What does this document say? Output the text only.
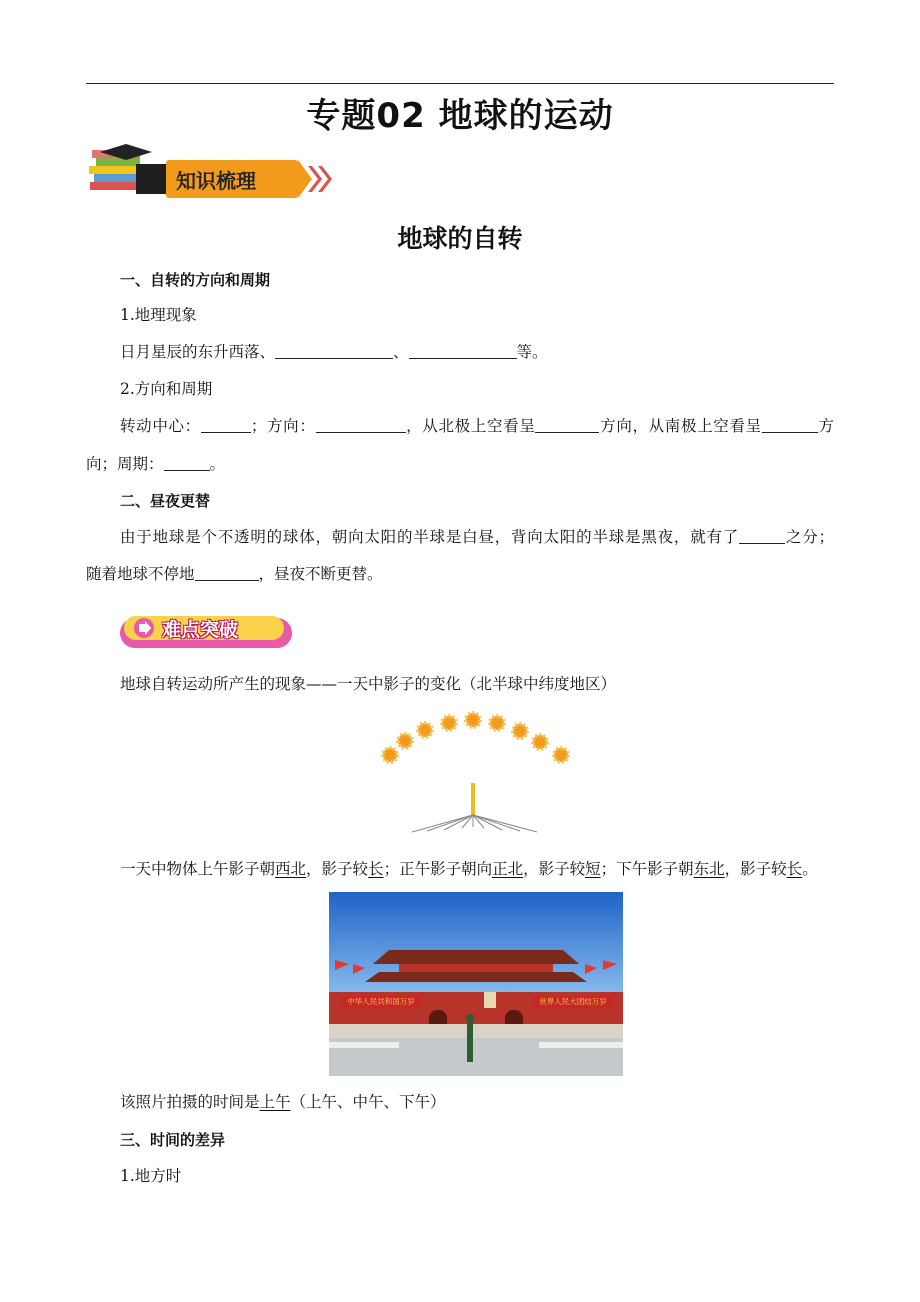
专题02 地球的运动
知识梳理
地球的自转
一、自转的方向和周期
1.地理现象
日月星辰的东升西落、	、	等。
2.方向和周期
转动中心：	；方向：	，从北极上空看呈	方向，从南极上空看呈	方
向；周期：	。
二、昼夜更替
由于地球是个不透明的球体，朝向太阳的半球是白昼，背向太阳的半球是黑夜，就有了	之分；
随着地球不停地	，昼夜不断更替。
难点突破
地球自转运动所产生的现象——一天中影子的变化（北半球中纬度地区）
一天中物体上午影子朝西北，影子较长；正午影子朝向正北，影子较短；下午影子朝东北，影子较长。
中华人民共和国万岁	世界人民大团结万岁
该照片拍摄的时间是上午（上午、中午、下午）
三、时间的差异
1.地方时
